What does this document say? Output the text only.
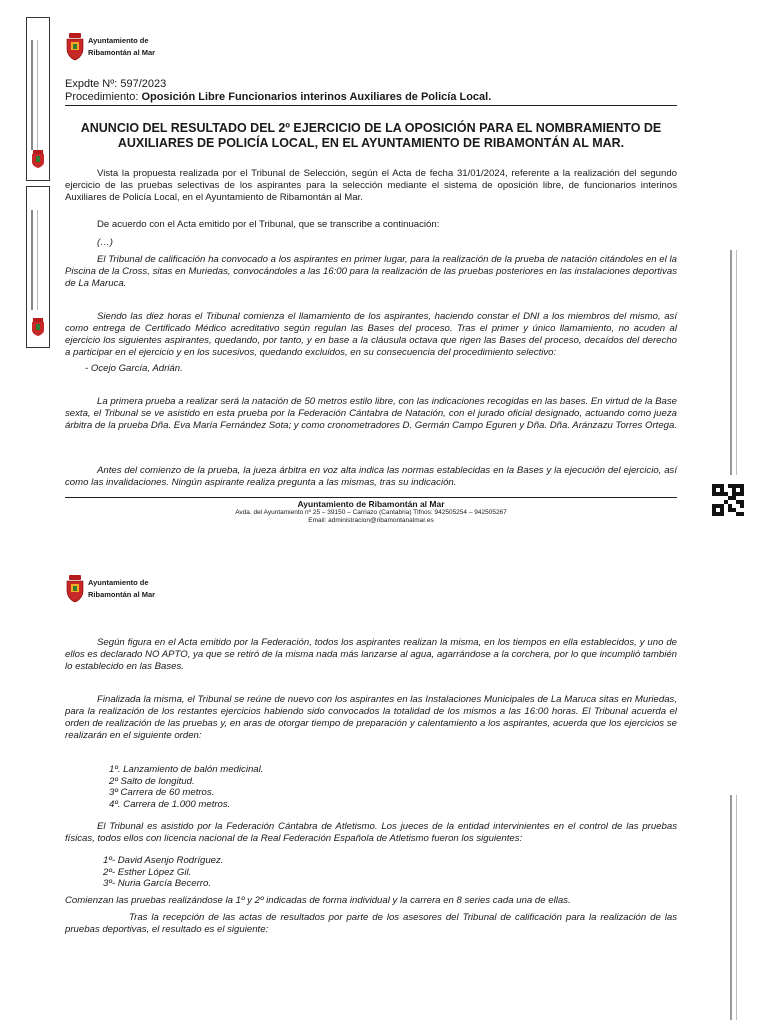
Ayuntamiento de
Ribamontán al Mar
Expdte Nº: 597/2023
Procedimiento: Oposición Libre Funcionarios interinos Auxiliares de Policía Local.
ANUNCIO DEL RESULTADO DEL 2º EJERCICIO DE LA OPOSICIÓN PARA EL NOMBRAMIENTO DE AUXILIARES DE POLICÍA LOCAL, EN EL AYUNTAMIENTO DE RIBAMONTÁN AL MAR.
Vista la propuesta realizada por el Tribunal de Selección, según el Acta de fecha 31/01/2024, referente a la realización del segundo ejercicio de las pruebas selectivas de los aspirantes para la selección mediante el sistema de oposición libre, de funcionarios interinos Auxiliares de Policía Local, en el Ayuntamiento de Ribamontán al Mar.
De acuerdo con el Acta emitido por el Tribunal, que se transcribe a continuación:
(…)
El Tribunal de calificación ha convocado a los aspirantes en primer lugar, para la realización de la prueba de natación citándoles en el la Piscina de la Cross, sitas en Muriedas, convocándoles a las 16:00 para la realización de las pruebas posteriores en las instalaciones deportivas de La Maruca.
Siendo las diez horas el Tribunal comienza el llamamiento de los aspirantes, haciendo constar el DNI a los miembros del mismo, así como entrega de Certificado Médico acreditativo según regulan las Bases del proceso. Tras el primer y único llamamiento, no acuden al ejercicio los siguientes aspirantes, quedando, por tanto, y en base a la cláusula octava que rigen las Bases del proceso, decaídos del derecho a participar en el ejercicio y en los sucesivos, quedando excluidos, en su consecuencia del procedimiento selectivo:
- Ocejo García, Adrián.
La primera prueba a realizar será la natación de 50 metros estilo libre, con las indicaciones recogidas en las bases. En virtud de la Base sexta, el Tribunal se ve asistido en esta prueba por la Federación Cántabra de Natación, con el jurado oficial designado, actuando como jueza árbitra de la prueba Dña. Eva María Fernández Sota; y como cronometradores D. Germán Campo Eguren y Dña. Dña. Aránzazu Torres Ortega.
Antes del comienzo de la prueba, la jueza árbitra en voz alta indica las normas establecidas en la Bases y la ejecución del ejercicio, así como las invalidaciones. Ningún aspirante realiza pregunta a las mismas, tras su indicación.
Ayuntamiento de Ribamontán al Mar
Avda. del Ayuntamiento nº 25 – 39150 – Carriazo (Cantabria) Tlfnos: 942505254 – 942505267
Email: administracion@ribamontanalmar.es
Ayuntamiento de
Ribamontán al Mar
Según figura en el Acta emitido por la Federación, todos los aspirantes realizan la misma, en los tiempos en ella establecidos, y uno de ellos es declarado NO APTO, ya que se retiró de la misma nada más lanzarse al agua, agarrándose a la corchera, por lo que incumplió también lo establecido en las Bases.
Finalizada la misma, el Tribunal se reúne de nuevo con los aspirantes en las Instalaciones Municipales de La Maruca sitas en Muriedas, para la realización de los restantes ejercicios habiendo sido convocados la totalidad de los mismos a las 16:00 horas. El Tribunal acuerda el orden de realización de las pruebas y, en aras de otorgar tiempo de preparación y calentamiento a los aspirantes, acuerda que los ejercicios se realizarán en el siguiente orden:
1º. Lanzamiento de balón medicinal.
2º Salto de longitud.
3º Carrera de 60 metros.
4º. Carrera de 1.000 metros.
El Tribunal es asistido por la Federación Cántabra de Atletismo. Los jueces de la entidad intervinientes en el control de las pruebas físicas, todos ellos con licencia nacional de la Real Federación Española de Atletismo fueron los siguientes:
1º- David Asenjo Rodríguez.
2º- Esther López Gil.
3º- Nuria García Becerro.
Comienzan las pruebas realizándose la 1º y 2º indicadas de forma individual y la carrera en 8 series cada una de ellas.
Tras la recepción de las actas de resultados por parte de los asesores del Tribunal de calificación para la realización de las pruebas deportivas, el resultado es el siguiente:
